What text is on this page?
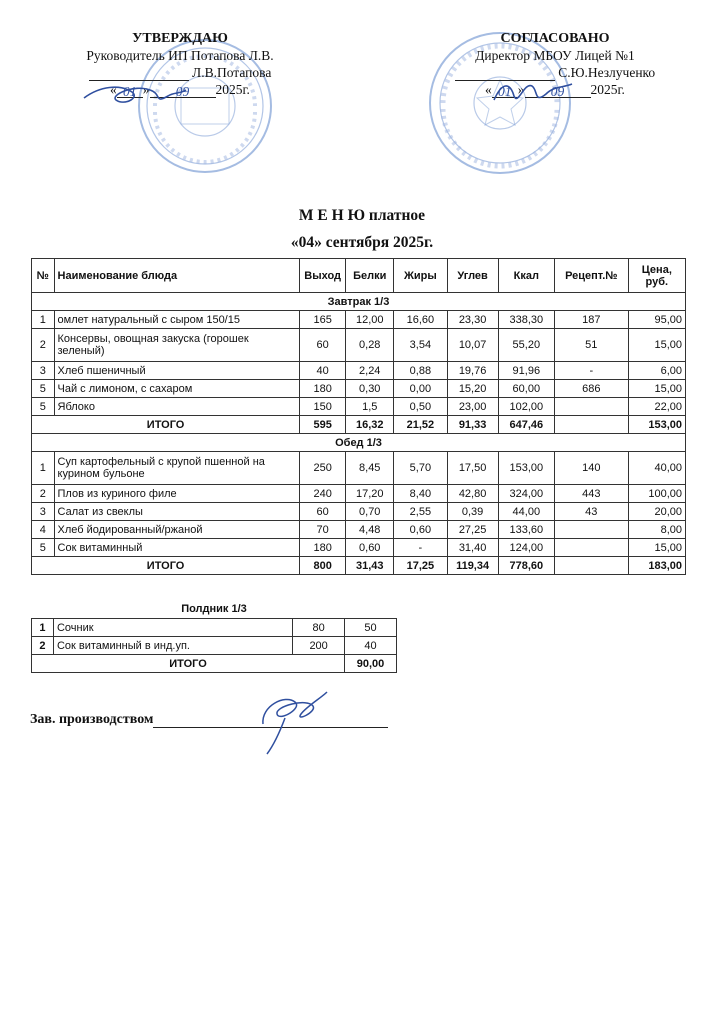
УТВЕРЖДАЮ
Руководитель ИП Потапова Л.В.
Л.В.Потапова
« 01 » 09 2025г.
СОГЛАСОВАНО
Директор МБОУ Лицей №1
С.Ю.Незлученко
« 01 » 09 2025г.
М Е Н Ю платное
«04» сентября 2025г.
№	Наименование блюда	Выход	Белки	Жиры	Углев	Ккал	Рецепт.№	Цена, руб.
Завтрак 1/3								
1	омлет натуральный с сыром 150/15	165	12,00	16,60	23,30	338,30	187	95,00
2	Консервы, овощная закуска (горошек зеленый)	60	0,28	3,54	10,07	55,20	51	15,00
3	Хлеб пшеничный	40	2,24	0,88	19,76	91,96	-	6,00
5	Чай с лимоном, с сахаром	180	0,30	0,00	15,20	60,00	686	15,00
5	Яблоко	150	1,5	0,50	23,00	102,00		22,00
ИТОГО		595	16,32	21,52	91,33	647,46		153,00
Обед 1/3								
1	Суп картофельный с крупой пшенной на курином бульоне	250	8,45	5,70	17,50	153,00	140	40,00
2	Плов из куриного филе	240	17,20	8,40	42,80	324,00	443	100,00
3	Салат из свеклы	60	0,70	2,55	0,39	44,00	43	20,00
4	Хлеб йодированный/ржаной	70	4,48	0,60	27,25	133,60		8,00
5	Сок витаминный	180	0,60	-	31,40	124,00		15,00
ИТОГО		800	31,43	17,25	119,34	778,60		183,00
Полдник 1/3
1	Сочник	80	50
2	Сок витаминный в инд.уп.	200	40
ИТОГО			90,00
Зав. производством
